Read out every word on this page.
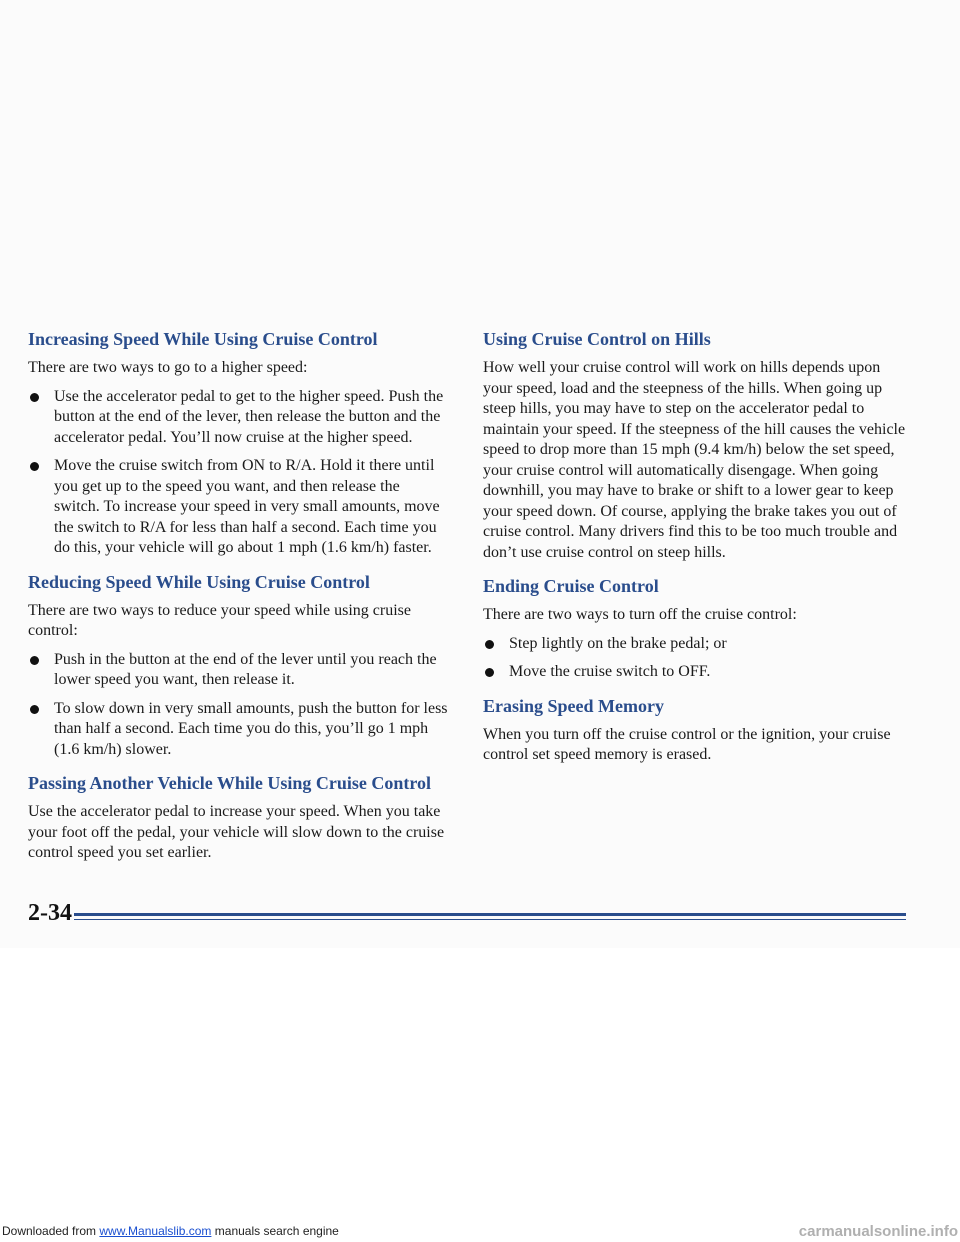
Increasing Speed While Using Cruise Control

There are two ways to go to a higher speed:

Use the accelerator pedal to get to the higher speed. Push the button at the end of the lever, then release the button and the accelerator pedal. You’ll now cruise at the higher speed.
Move the cruise switch from ON to R/A. Hold it there until you get up to the speed you want, and then release the switch. To increase your speed in very small amounts, move the switch to R/A for less than half a second. Each time you do this, your vehicle will go about 1 mph (1.6 km/h) faster.
Reducing Speed While Using Cruise Control

There are two ways to reduce your speed while using cruise control:

Push in the button at the end of the lever until you reach the lower speed you want, then release it.
To slow down in very small amounts, push the button for less than half a second. Each time you do this, you’ll go 1 mph (1.6 km/h) slower.
Passing Another Vehicle While Using Cruise Control

Use the accelerator pedal to increase your speed. When you take your foot off the pedal, your vehicle will slow down to the cruise control speed you set earlier.

Using Cruise Control on Hills

How well your cruise control will work on hills depends upon your speed, load and the steepness of the hills. When going up steep hills, you may have to step on the accelerator pedal to maintain your speed. If the steepness of the hill causes the vehicle speed to drop more than 15 mph (9.4 km/h) below the set speed, your cruise control will automatically disengage. When going downhill, you may have to brake or shift to a lower gear to keep your speed down. Of course, applying the brake takes you out of cruise control. Many drivers find this to be too much trouble and don’t use cruise control on steep hills.

Ending Cruise Control

There are two ways to turn off the cruise control:

Step lightly on the brake pedal; or
Move the cruise switch to OFF.
Erasing Speed Memory

When you turn off the cruise control or the ignition, your cruise control set speed memory is erased.

2-34
Downloaded from www.Manualslib.com manuals search engine	carmanualsonline.info
